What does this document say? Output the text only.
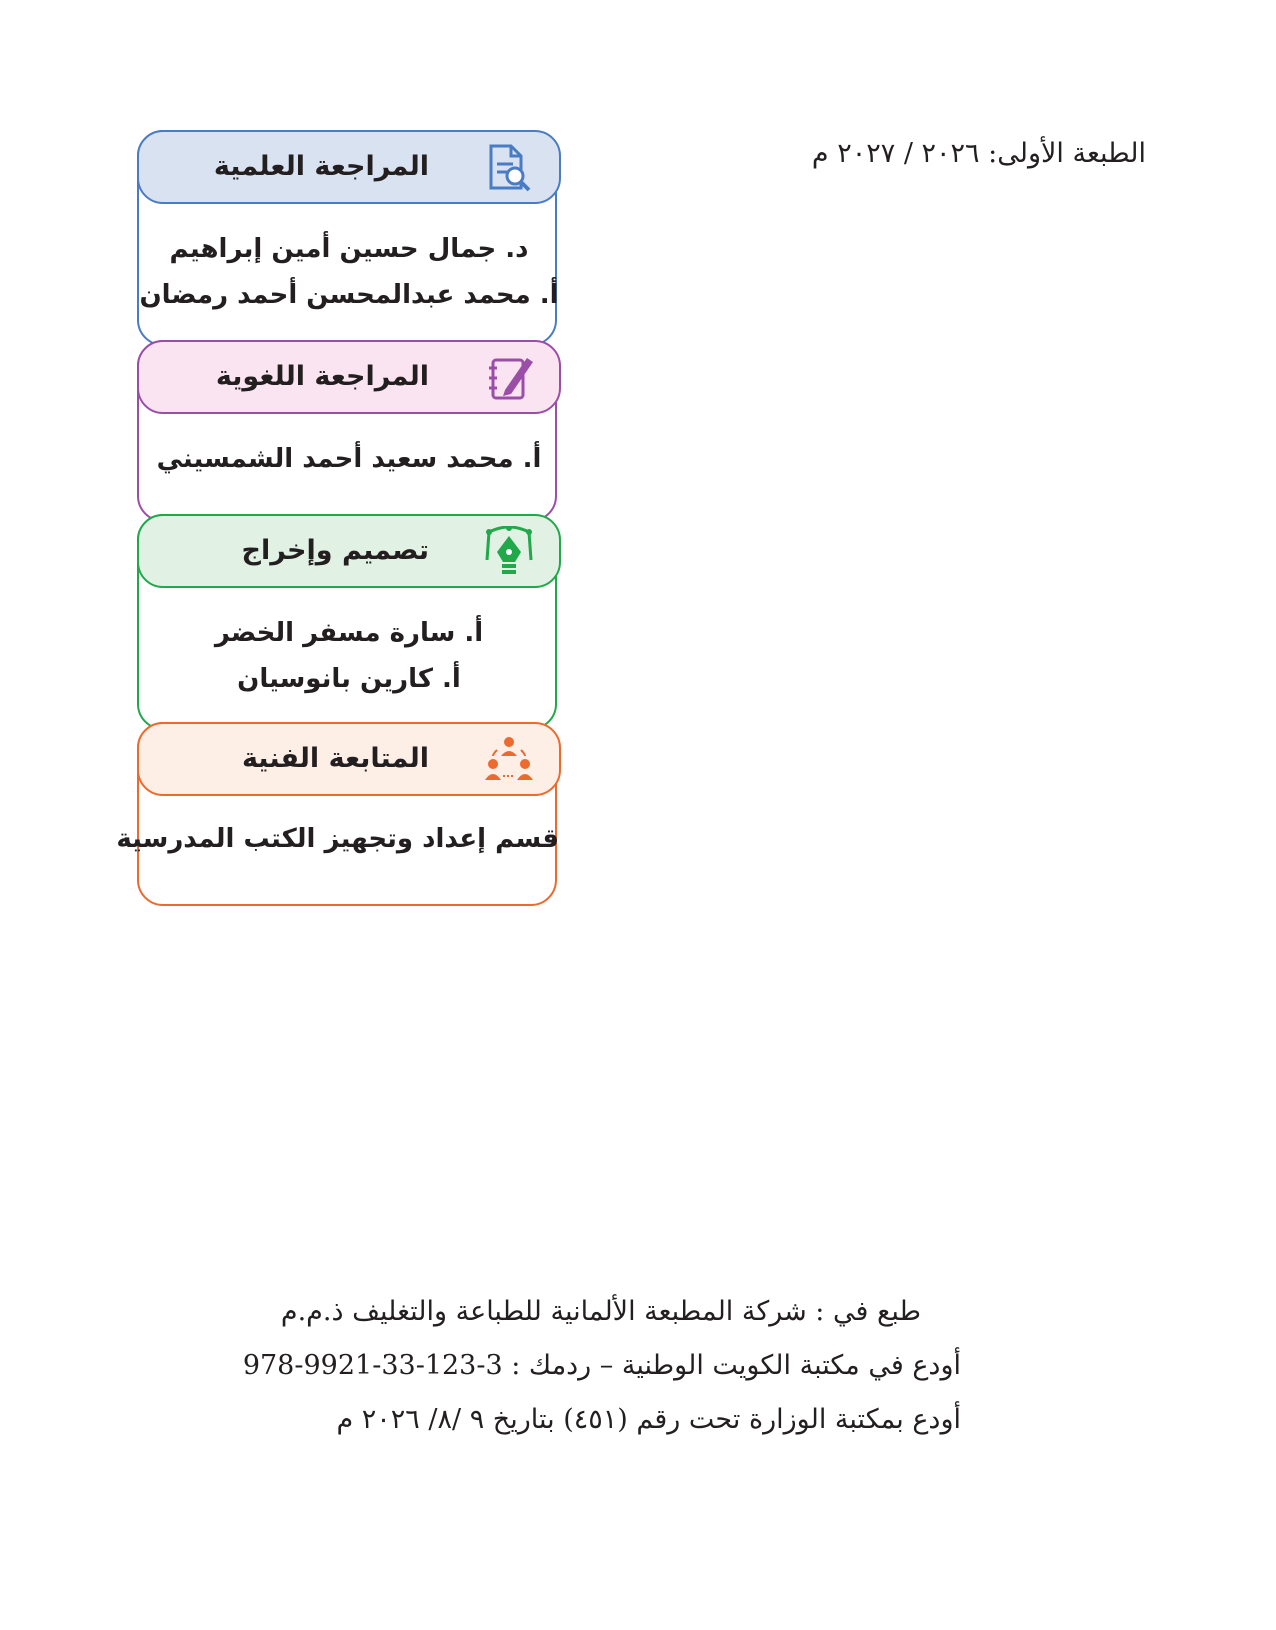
الطبعة الأولى: ٢٠٢٦ / ٢٠٢٧ م
المراجعة العلمية
د. جمال حسين أمين إبراهيم
أ. محمد عبدالمحسن أحمد رمضان
المراجعة اللغوية
أ. محمد سعيد أحمد الشمسيني
تصميم وإخراج
أ. سارة مسفر الخضر
أ. كارين بانوسيان
المتابعة الفنية
قسم إعداد وتجهيز الكتب المدرسية
طبع في : شركة المطبعة الألمانية للطباعة والتغليف ذ.م.م
أودع في مكتبة الكويت الوطنية – ردمك : 3-123-33-9921-978
أودع بمكتبة الوزارة تحت رقم (٤٥١) بتاريخ ٩ /٨/ ٢٠٢٦ م
